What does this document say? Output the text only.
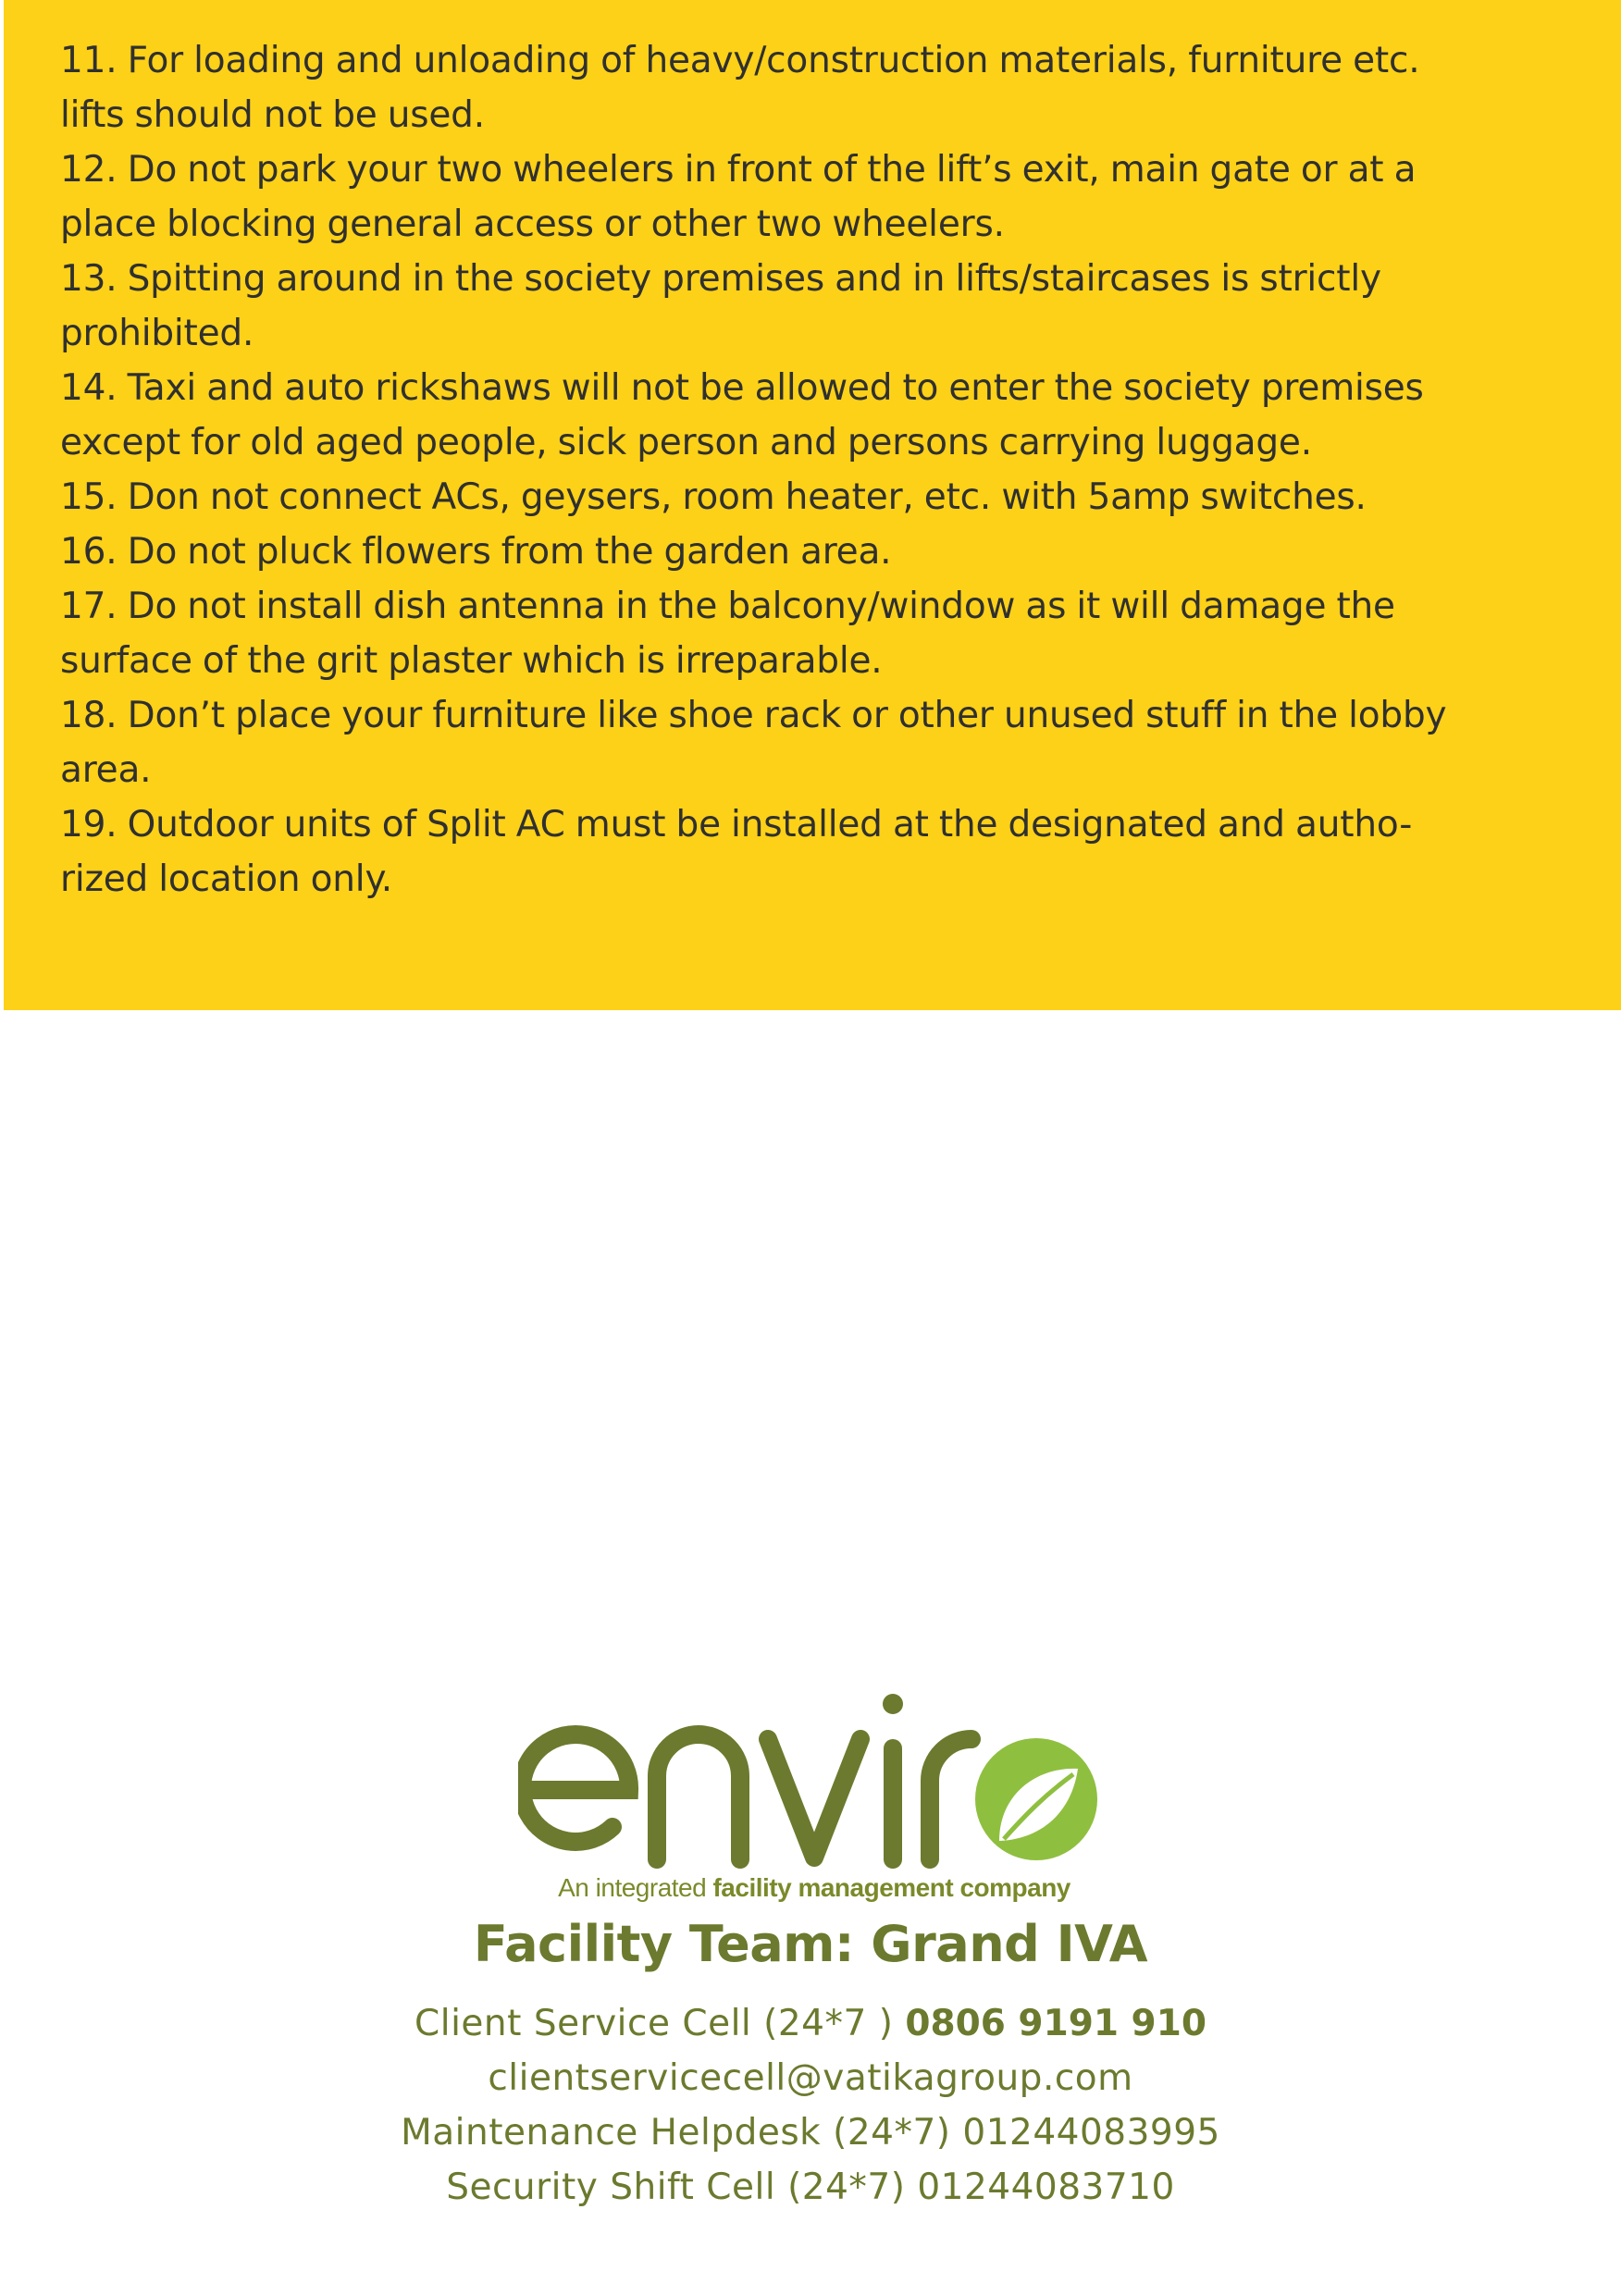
11. For loading and unloading of heavy/construction materials, furniture etc.
lifts should not be used.
12. Do not park your two wheelers in front of the lift’s exit, main gate or at a
place blocking general access or other two wheelers.
13. Spitting around in the society premises and in lifts/staircases is strictly
prohibited.
14. Taxi and auto rickshaws will not be allowed to enter the society premises
except for old aged people, sick person and persons carrying luggage.
15. Don not connect ACs, geysers, room heater, etc. with 5amp switches.
16. Do not pluck flowers from the garden area.
17. Do not install dish antenna in the balcony/window as it will damage the
surface of the grit plaster which is irreparable.
18. Don’t place your furniture like shoe rack or other unused stuff in the lobby
area.
19. Outdoor units of Split AC must be installed at the designated and autho-
rized location only.
An integrated facility management company
Facility Team: Grand IVA
Client Service Cell (24*7 ) 0806 9191 910
clientservicecell@vatikagroup.com
Maintenance Helpdesk (24*7) 01244083995
Security Shift Cell (24*7) 01244083710
